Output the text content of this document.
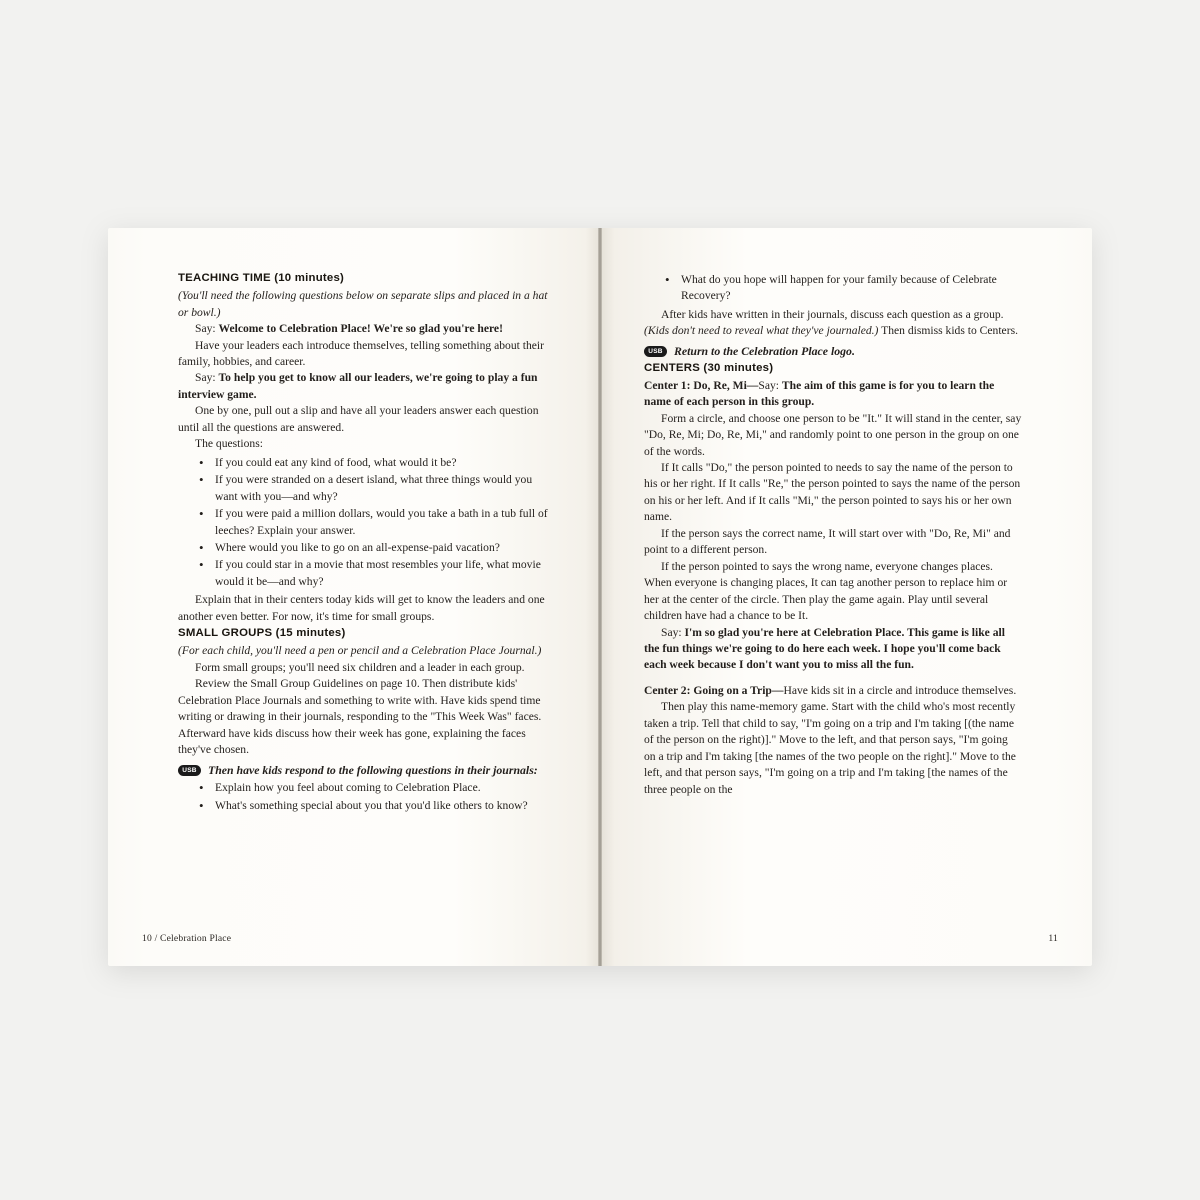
TEACHING TIME (10 minutes)

(You'll need the following questions below on separate slips and placed in a hat or bowl.)

Say: Welcome to Celebration Place! We're so glad you're here!

Have your leaders each introduce themselves, telling something about their family, hobbies, and career.

Say: To help you get to know all our leaders, we're going to play a fun interview game.

One by one, pull out a slip and have all your leaders answer each question until all the questions are answered.

The questions:

• If you could eat any kind of food, what would it be?
• If you were stranded on a desert island, what three things would you want with you—and why?
• If you were paid a million dollars, would you take a bath in a tub full of leeches? Explain your answer.
• Where would you like to go on an all-expense-paid vacation?
• If you could star in a movie that most resembles your life, what movie would it be—and why?

Explain that in their centers today kids will get to know the leaders and one another even better. For now, it's time for small groups.

SMALL GROUPS (15 minutes)

(For each child, you'll need a pen or pencil and a Celebration Place Journal.)

Form small groups; you'll need six children and a leader in each group.

Review the Small Group Guidelines on page 10. Then distribute kids' Celebration Place Journals and something to write with. Have kids spend time writing or drawing in their journals, responding to the "This Week Was" faces. Afterward have kids discuss how their week has gone, explaining the faces they've chosen.

USB Then have kids respond to the following questions in their journals:
• Explain how you feel about coming to Celebration Place.
• What's something special about you that you'd like others to know?
10 / Celebration Place
• What do you hope will happen for your family because of Celebrate Recovery?

After kids have written in their journals, discuss each question as a group. (Kids don't need to reveal what they've journaled.) Then dismiss kids to Centers.

USB Return to the Celebration Place logo.
CENTERS (30 minutes)

Center 1: Do, Re, Mi—Say: The aim of this game is for you to learn the name of each person in this group.

Form a circle, and choose one person to be "It." It will stand in the center, say "Do, Re, Mi; Do, Re, Mi," and randomly point to one person in the group on one of the words.

If It calls "Do," the person pointed to needs to say the name of the person to his or her right. If It calls "Re," the person pointed to says the name of the person on his or her left. And if It calls "Mi," the person pointed to says his or her own name.

If the person says the correct name, It will start over with "Do, Re, Mi" and point to a different person.

If the person pointed to says the wrong name, everyone changes places. When everyone is changing places, It can tag another person to replace him or her at the center of the circle. Then play the game again. Play until several children have had a chance to be It.

Say: I'm so glad you're here at Celebration Place. This game is like all the fun things we're going to do here each week. I hope you'll come back each week because I don't want you to miss all the fun.

Center 2: Going on a Trip—Have kids sit in a circle and introduce themselves.

Then play this name-memory game. Start with the child who's most recently taken a trip. Tell that child to say, "I'm going on a trip and I'm taking [(the name of the person on the right)]." Move to the left, and that person says, "I'm going on a trip and I'm taking [the names of the two people on the right]." Move to the left, and that person says, "I'm going on a trip and I'm taking [the names of the three people on the

11
